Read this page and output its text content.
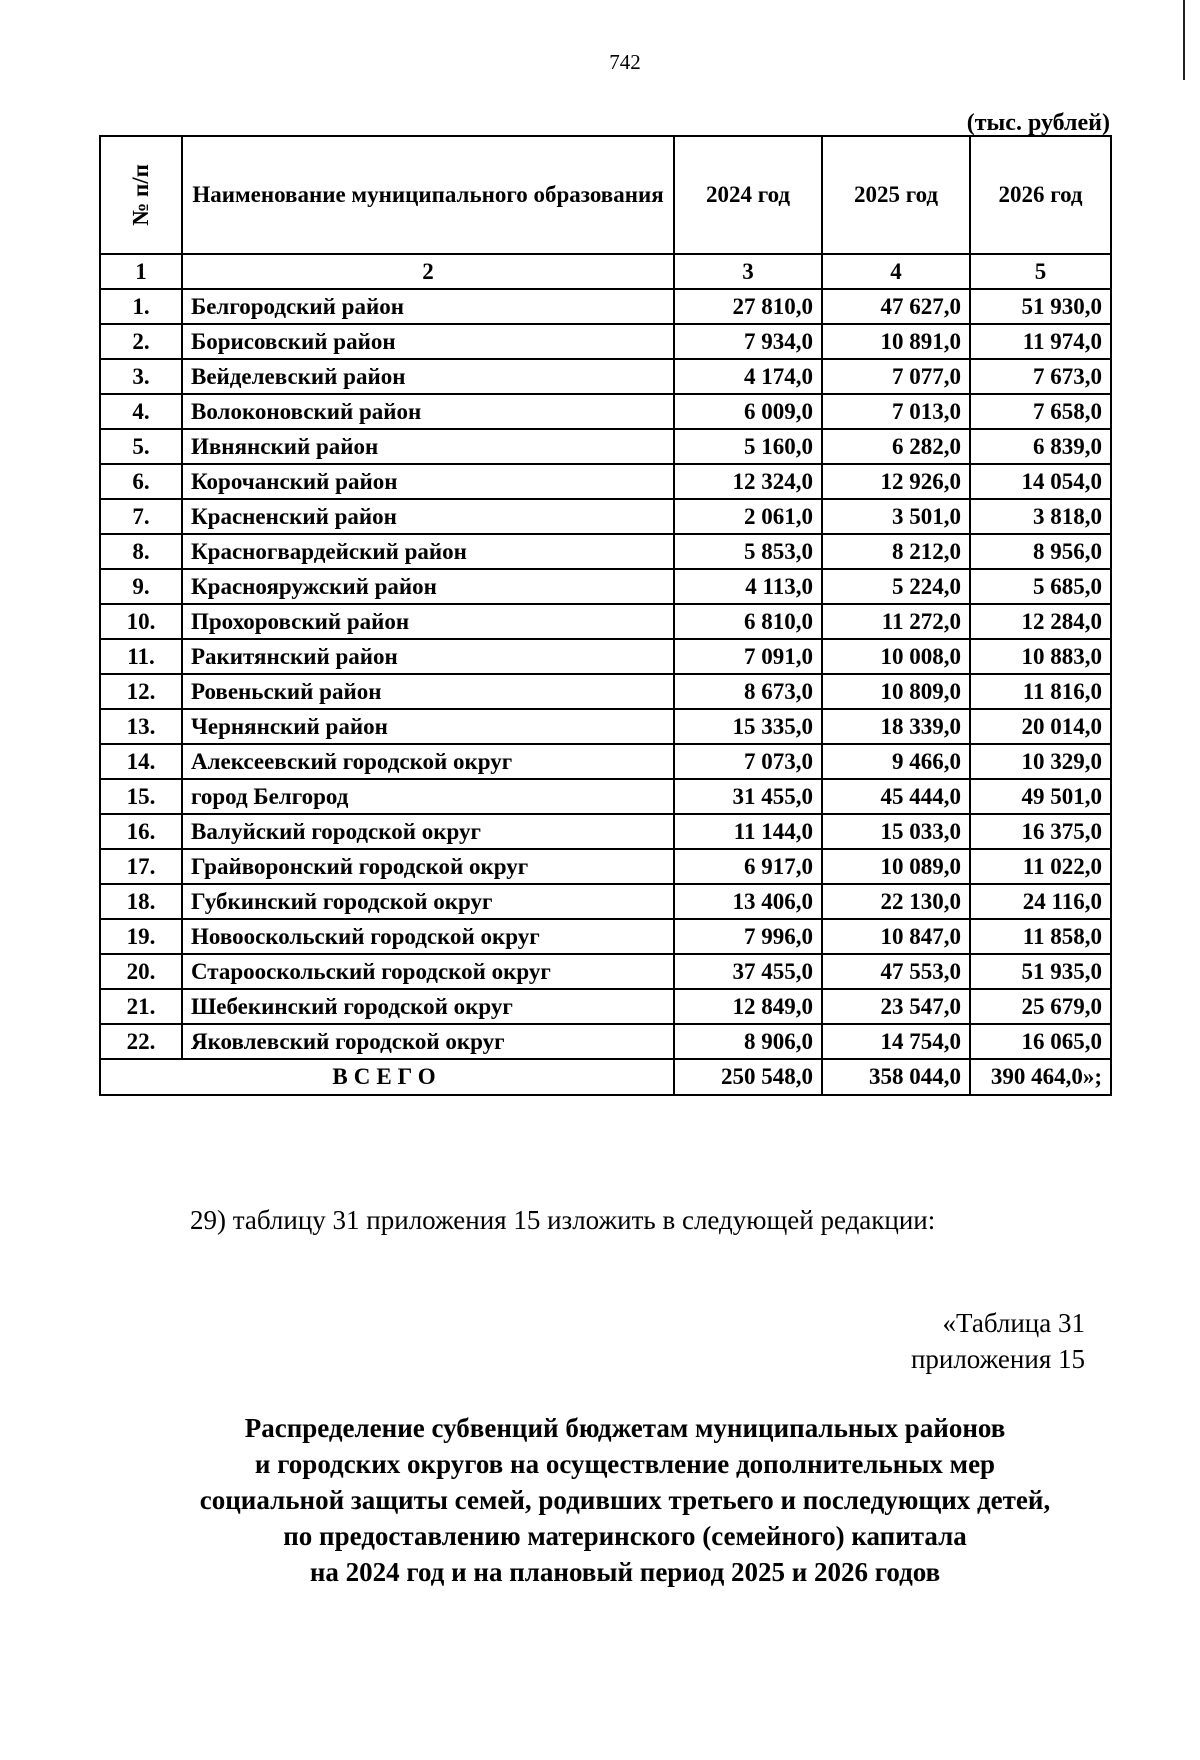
742
(тыс. рублей)
№ п/п	Наименование муниципального образования	2024 год	2025 год	2026 год
1	2	3	4	5
1.	Белгородский район	27 810,0	47 627,0	51 930,0
2.	Борисовский район	7 934,0	10 891,0	11 974,0
3.	Вейделевский район	4 174,0	7 077,0	7 673,0
4.	Волоконовский район	6 009,0	7 013,0	7 658,0
5.	Ивнянский район	5 160,0	6 282,0	6 839,0
6.	Корочанский район	12 324,0	12 926,0	14 054,0
7.	Красненский район	2 061,0	3 501,0	3 818,0
8.	Красногвардейский район	5 853,0	8 212,0	8 956,0
9.	Краснояружский район	4 113,0	5 224,0	5 685,0
10.	Прохоровский район	6 810,0	11 272,0	12 284,0
11.	Ракитянский район	7 091,0	10 008,0	10 883,0
12.	Ровеньский район	8 673,0	10 809,0	11 816,0
13.	Чернянский район	15 335,0	18 339,0	20 014,0
14.	Алексеевский городской округ	7 073,0	9 466,0	10 329,0
15.	город Белгород	31 455,0	45 444,0	49 501,0
16.	Валуйский городской округ	11 144,0	15 033,0	16 375,0
17.	Грайворонский городской округ	6 917,0	10 089,0	11 022,0
18.	Губкинский городской округ	13 406,0	22 130,0	24 116,0
19.	Новооскольский городской округ	7 996,0	10 847,0	11 858,0
20.	Старооскольский городской округ	37 455,0	47 553,0	51 935,0
21.	Шебекинский городской округ	12 849,0	23 547,0	25 679,0
22.	Яковлевский городской округ	8 906,0	14 754,0	16 065,0
ВСЕГО		250 548,0	358 044,0	390 464,0»;
29) таблицу 31 приложения 15 изложить в следующей редакции:
«Таблица 31
приложения 15
Распределение субвенций бюджетам муниципальных районов
и городских округов на осуществление дополнительных мер
социальной защиты семей, родивших третьего и последующих детей,
по предоставлению материнского (семейного) капитала
на 2024 год и на плановый период 2025 и 2026 годов
